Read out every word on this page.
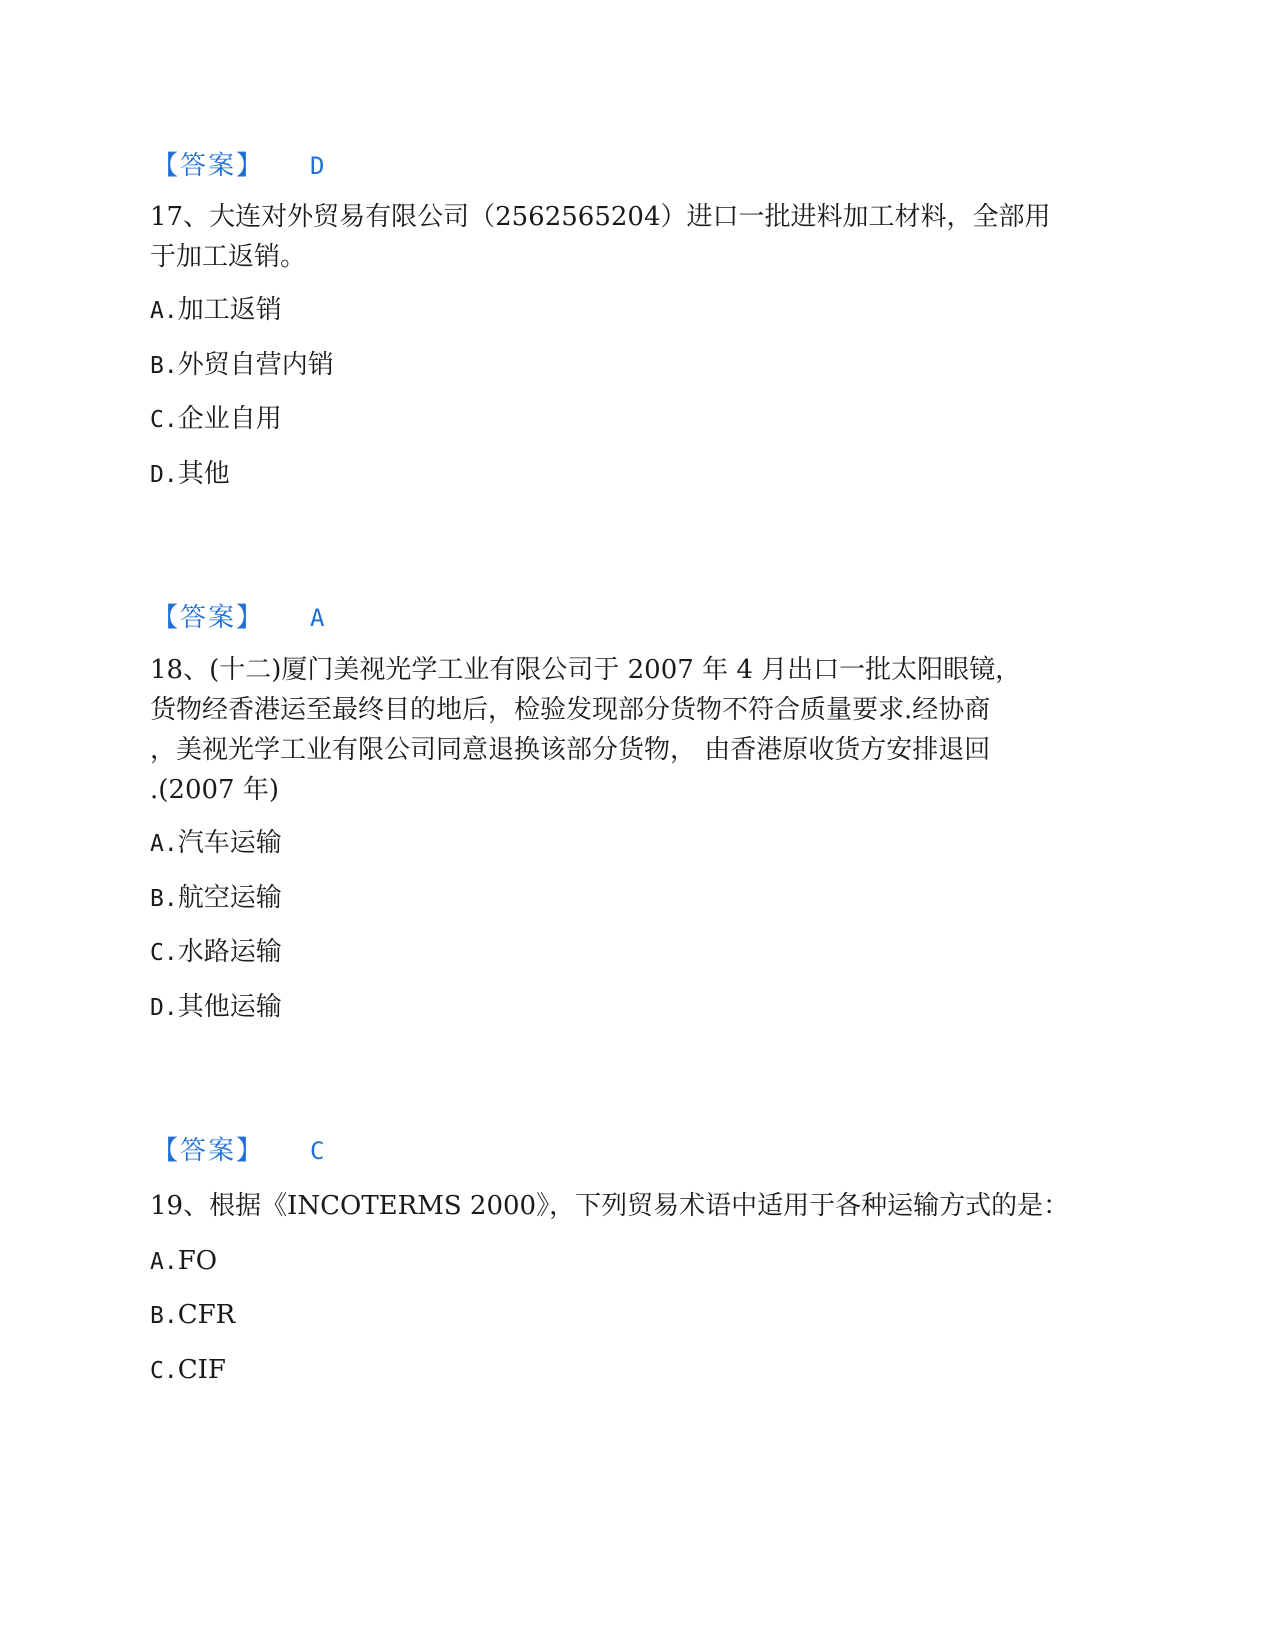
【答案】 D
17、大连对外贸易有限公司（2562565204）进口一批进料加工材料，全部用
于加工返销。
A.加工返销
B.外贸自营内销
C.企业自用
D.其他
【答案】 A
18、(十二)厦门美视光学工业有限公司于 2007 年 4 月出口一批太阳眼镜，
货物经香港运至最终目的地后，检验发现部分货物不符合质量要求.经协商
，美视光学工业有限公司同意退换该部分货物， 由香港原收货方安排退回
.(2007 年)
A.汽车运输
B.航空运输
C.水路运输
D.其他运输
【答案】 C
19、根据《INCOTERMS 2000》，下列贸易术语中适用于各种运输方式的是：
A.FO
B.CFR
C.CIF
